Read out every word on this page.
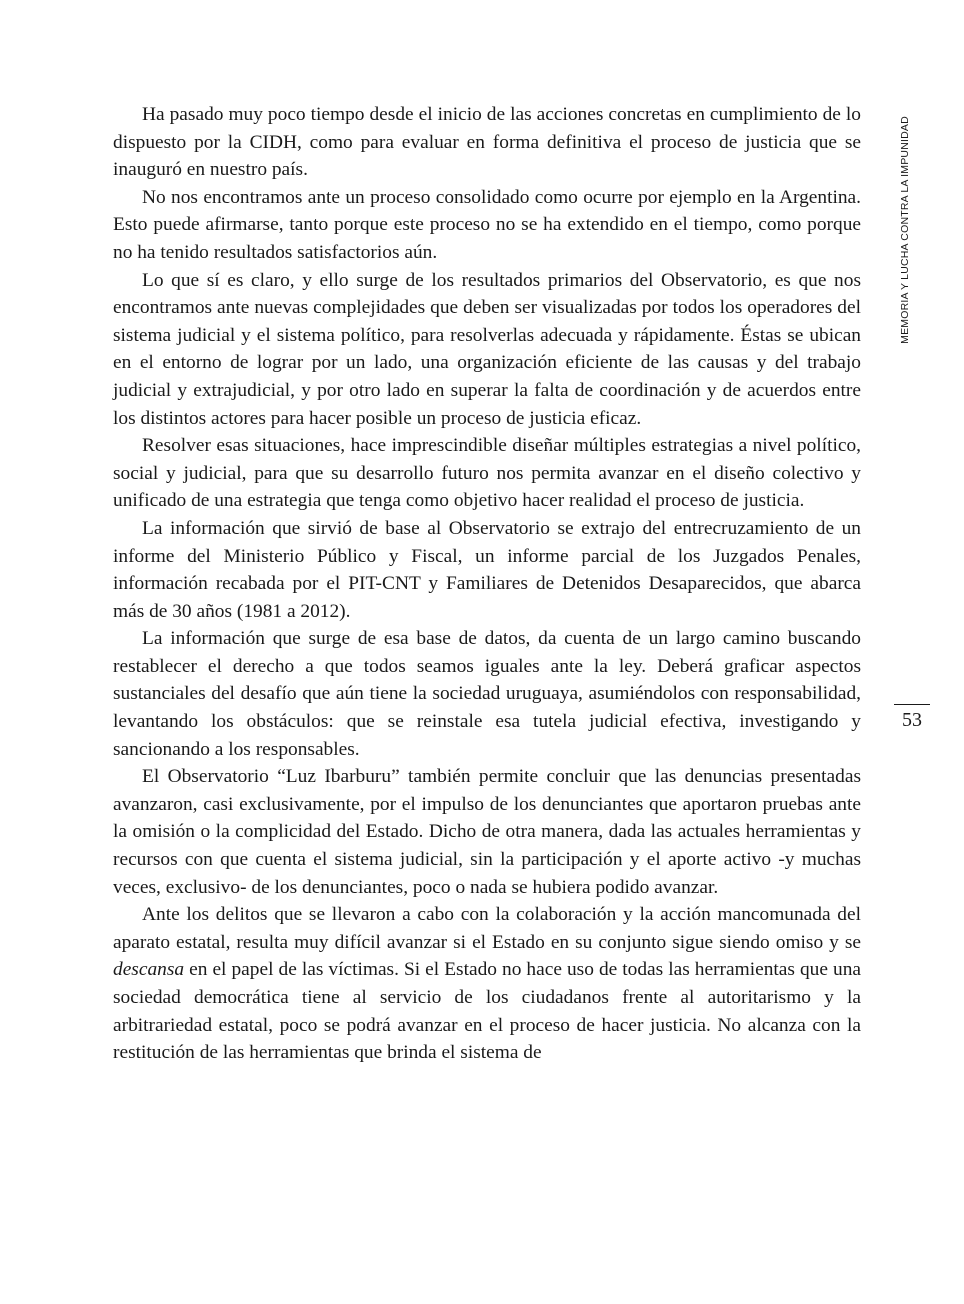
Ha pasado muy poco tiempo desde el inicio de las acciones concretas en cumplimiento de lo dispuesto por la CIDH, como para evaluar en forma definitiva el proceso de justicia que se inauguró en nuestro país.

No nos encontramos ante un proceso consolidado como ocurre por ejemplo en la Argentina. Esto puede afirmarse, tanto porque este proceso no se ha extendido en el tiempo, como porque no ha tenido resultados satisfactorios aún.

Lo que sí es claro, y ello surge de los resultados primarios del Observatorio, es que nos encontramos ante nuevas complejidades que deben ser visualizadas por todos los operadores del sistema judicial y el sistema político, para resolverlas adecuada y rápidamente. Éstas se ubican en el entorno de lograr por un lado, una organización eficiente de las causas y del trabajo judicial y extrajudicial, y por otro lado en superar la falta de coordinación y de acuerdos entre los distintos actores para hacer posible un proceso de justicia eficaz.

Resolver esas situaciones, hace imprescindible diseñar múltiples estrategias a nivel político, social y judicial, para que su desarrollo futuro nos permita avanzar en el diseño colectivo y unificado de una estrategia que tenga como objetivo hacer realidad el proceso de justicia.

La información que sirvió de base al Observatorio se extrajo del entrecruzamiento de un informe del Ministerio Público y Fiscal, un informe parcial de los Juzgados Penales, información recabada por el PIT-CNT y Familiares de Detenidos Desaparecidos, que abarca más de 30 años (1981 a 2012).

La información que surge de esa base de datos, da cuenta de un largo camino buscando restablecer el derecho a que todos seamos iguales ante la ley. Deberá graficar aspectos sustanciales del desafío que aún tiene la sociedad uruguaya, asumiéndolos con responsabilidad, levantando los obstáculos: que se reinstale esa tutela judicial efectiva, investigando y sancionando a los responsables.

El Observatorio “Luz Ibarburu” también permite concluir que las denuncias presentadas avanzaron, casi exclusivamente, por el impulso de los denunciantes que aportaron pruebas ante la omisión o la complicidad del Estado. Dicho de otra manera, dada las actuales herramientas y recursos con que cuenta el sistema judicial, sin la participación y el aporte activo -y muchas veces, exclusivo- de los denunciantes, poco o nada se hubiera podido avanzar.

Ante los delitos que se llevaron a cabo con la colaboración y la acción mancomunada del aparato estatal, resulta muy difícil avanzar si el Estado en su conjunto sigue siendo omiso y se descansa en el papel de las víctimas. Si el Estado no hace uso de todas las herramientas que una sociedad democrática tiene al servicio de los ciudadanos frente al autoritarismo y la arbitrariedad estatal, poco se podrá avanzar en el proceso de hacer justicia. No alcanza con la restitución de las herramientas que brinda el sistema de

MEMORIA Y LUCHA CONTRA LA IMPUNIDAD
53
